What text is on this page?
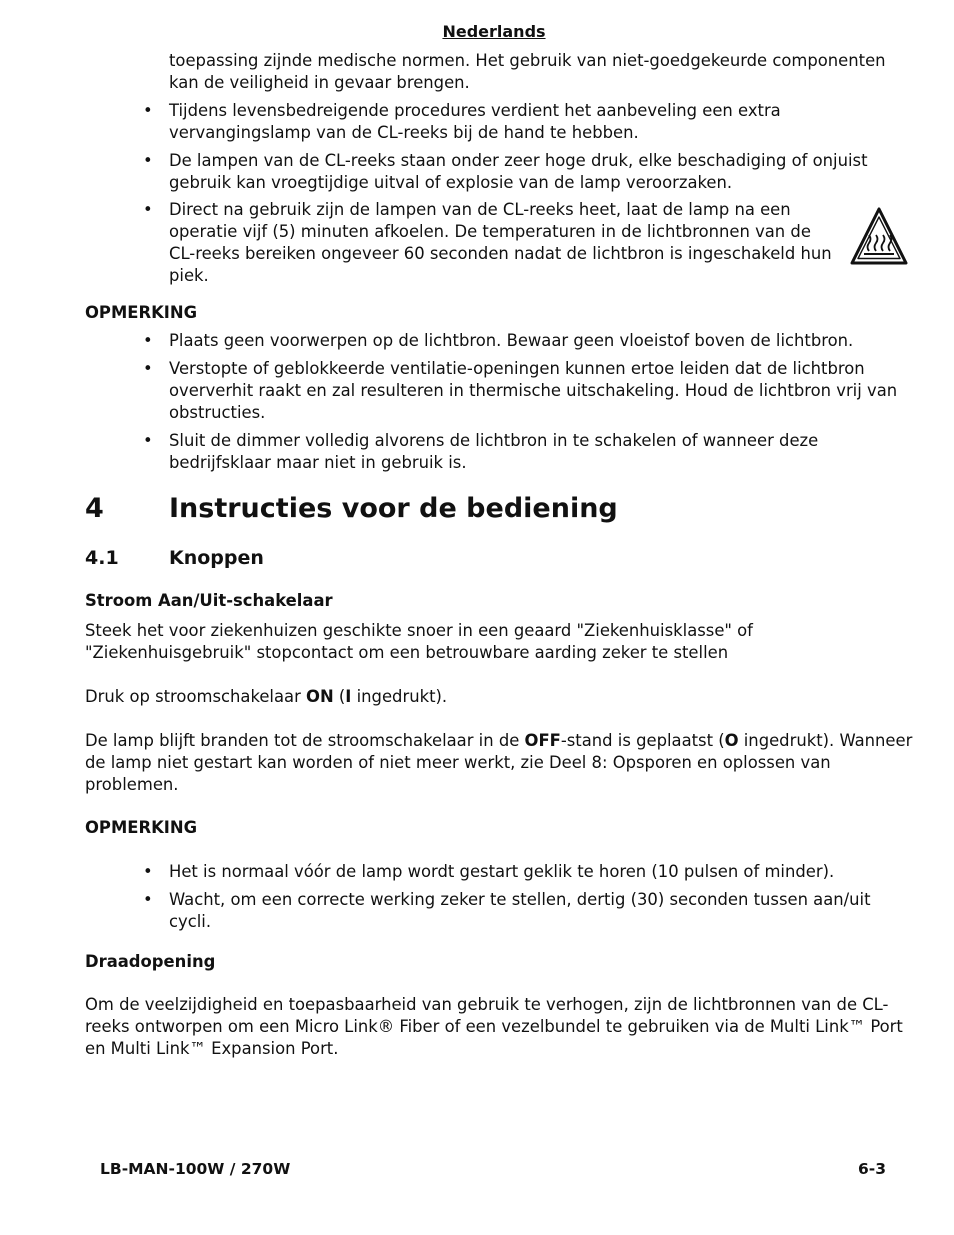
Nederlands
toepassing zijnde medische normen. Het gebruik van niet-goedgekeurde componenten kan de veiligheid in gevaar brengen.
• Tijdens levensbedreigende procedures verdient het aanbeveling een extra vervangingslamp van de CL-reeks bij de hand te hebben.
• De lampen van de CL-reeks staan onder zeer hoge druk, elke beschadiging of onjuist gebruik kan vroegtijdige uitval of explosie van de lamp veroorzaken.
• Direct na gebruik zijn de lampen van de CL-reeks heet, laat de lamp na een operatie vijf (5) minuten afkoelen. De temperaturen in de lichtbronnen van de CL-reeks bereiken ongeveer 60 seconden nadat de lichtbron is ingeschakeld hun piek.
OPMERKING
• Plaats geen voorwerpen op de lichtbron. Bewaar geen vloeistof boven de lichtbron.
• Verstopte of geblokkeerde ventilatie-openingen kunnen ertoe leiden dat de lichtbron oververhit raakt en zal resulteren in thermische uitschakeling. Houd de lichtbron vrij van obstructies.
• Sluit de dimmer volledig alvorens de lichtbron in te schakelen of wanneer deze bedrijfsklaar maar niet in gebruik is.
4 Instructies voor de bediening
4.1	Knoppen
Stroom Aan/Uit-schakelaar
Steek het voor ziekenhuizen geschikte snoer in een geaard "Ziekenhuisklasse" of "Ziekenhuisgebruik" stopcontact om een betrouwbare aarding zeker te stellen
Druk op stroomschakelaar ON (I ingedrukt).
De lamp blijft branden tot de stroomschakelaar in de OFF-stand is geplaatst (O ingedrukt). Wanneer de lamp niet gestart kan worden of niet meer werkt, zie Deel 8: Opsporen en oplossen van problemen.
OPMERKING
• Het is normaal vóór de lamp wordt gestart geklik te horen (10 pulsen of minder).
• Wacht, om een correcte werking zeker te stellen, dertig (30) seconden tussen aan/uit cycli.
Draadopening
Om de veelzijdigheid en toepasbaarheid van gebruik te verhogen, zijn de lichtbronnen van de CL-reeks ontworpen om een Micro Link® Fiber of een vezelbundel te gebruiken via de Multi Link™ Port en Multi Link™ Expansion Port.
LB-MAN-100W / 270W	6-3
